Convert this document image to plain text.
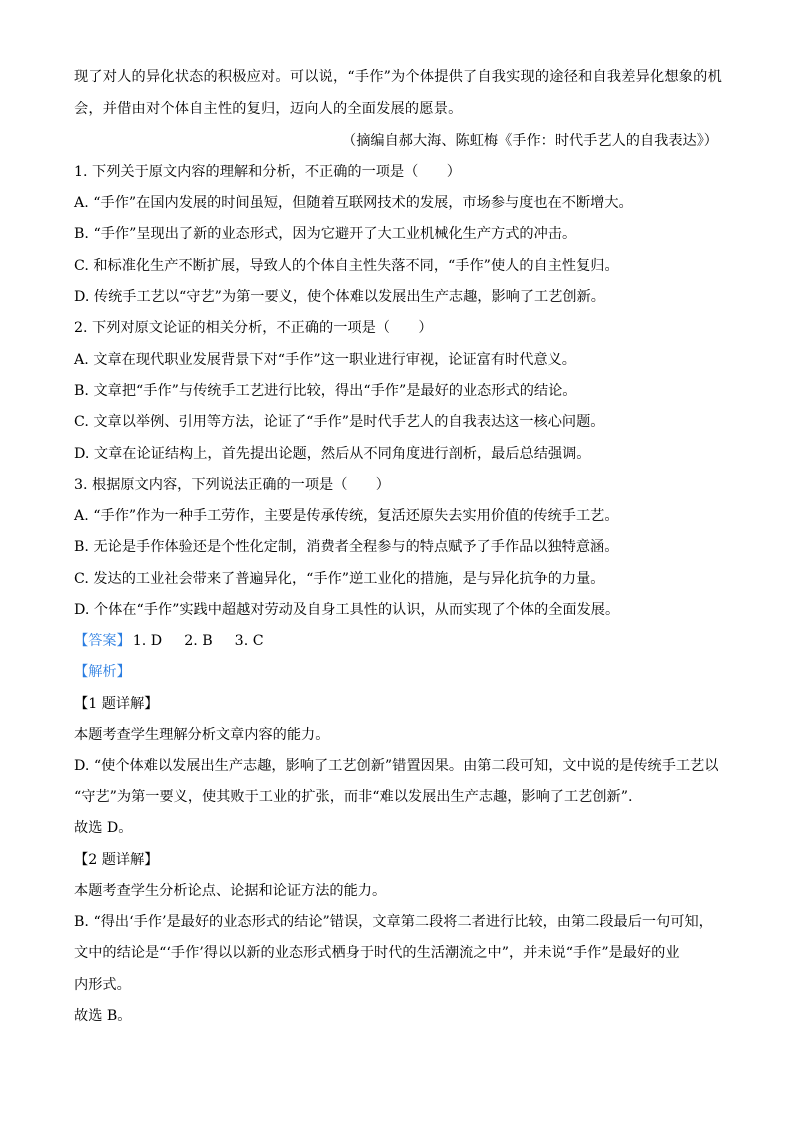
现了对人的异化状态的积极应对。可以说，“手作”为个体提供了自我实现的途径和自我差异化想象的机
会，并借由对个体自主性的复归，迈向人的全面发展的愿景。
（摘编自郝大海、陈虹梅《手作：时代手艺人的自我表达》）
1. 下列关于原文内容的理解和分析，不正确的一项是（　　）
A. “手作”在国内发展的时间虽短，但随着互联网技术的发展，市场参与度也在不断增大。
B. “手作”呈现出了新的业态形式，因为它避开了大工业机械化生产方式的冲击。
C. 和标准化生产不断扩展，导致人的个体自主性失落不同，“手作”使人的自主性复归。
D. 传统手工艺以“守艺”为第一要义，使个体难以发展出生产志趣，影响了工艺创新。
2. 下列对原文论证的相关分析，不正确的一项是（　　）
A. 文章在现代职业发展背景下对“手作”这一职业进行审视，论证富有时代意义。
B. 文章把“手作”与传统手工艺进行比较，得出“手作”是最好的业态形式的结论。
C. 文章以举例、引用等方法，论证了“手作”是时代手艺人的自我表达这一核心问题。
D. 文章在论证结构上，首先提出论题，然后从不同角度进行剖析，最后总结强调。
3. 根据原文内容，下列说法正确的一项是（　　）
A. “手作”作为一种手工劳作，主要是传承传统，复活还原失去实用价值的传统手工艺。
B. 无论是手作体验还是个性化定制，消费者全程参与的特点赋予了手作品以独特意涵。
C. 发达的工业社会带来了普遍异化，“手作”逆工业化的措施，是与异化抗争的力量。
D. 个体在“手作”实践中超越对劳动及自身工具性的认识，从而实现了个体的全面发展。
【答案】 1. D 2. B 3. C
【解析】
【1 题详解】
本题考查学生理解分析文章内容的能力。
D. “使个体难以发展出生产志趣，影响了工艺创新”错置因果。由第二段可知，文中说的是传统手工艺以
“守艺”为第一要义，使其败于工业的扩张，而非“难以发展出生产志趣，影响了工艺创新”.
故选 D。
【2 题详解】
本题考查学生分析论点、论据和论证方法的能力。
B. “得出‘手作’是最好的业态形式的结论”错误，文章第二段将二者进行比较，由第二段最后一句可知，
文中的结论是“‘手作’得以以新的业态形式栖身于时代的生活潮流之中”，并未说“手作”是最好的业
内形式。
故选 B。
